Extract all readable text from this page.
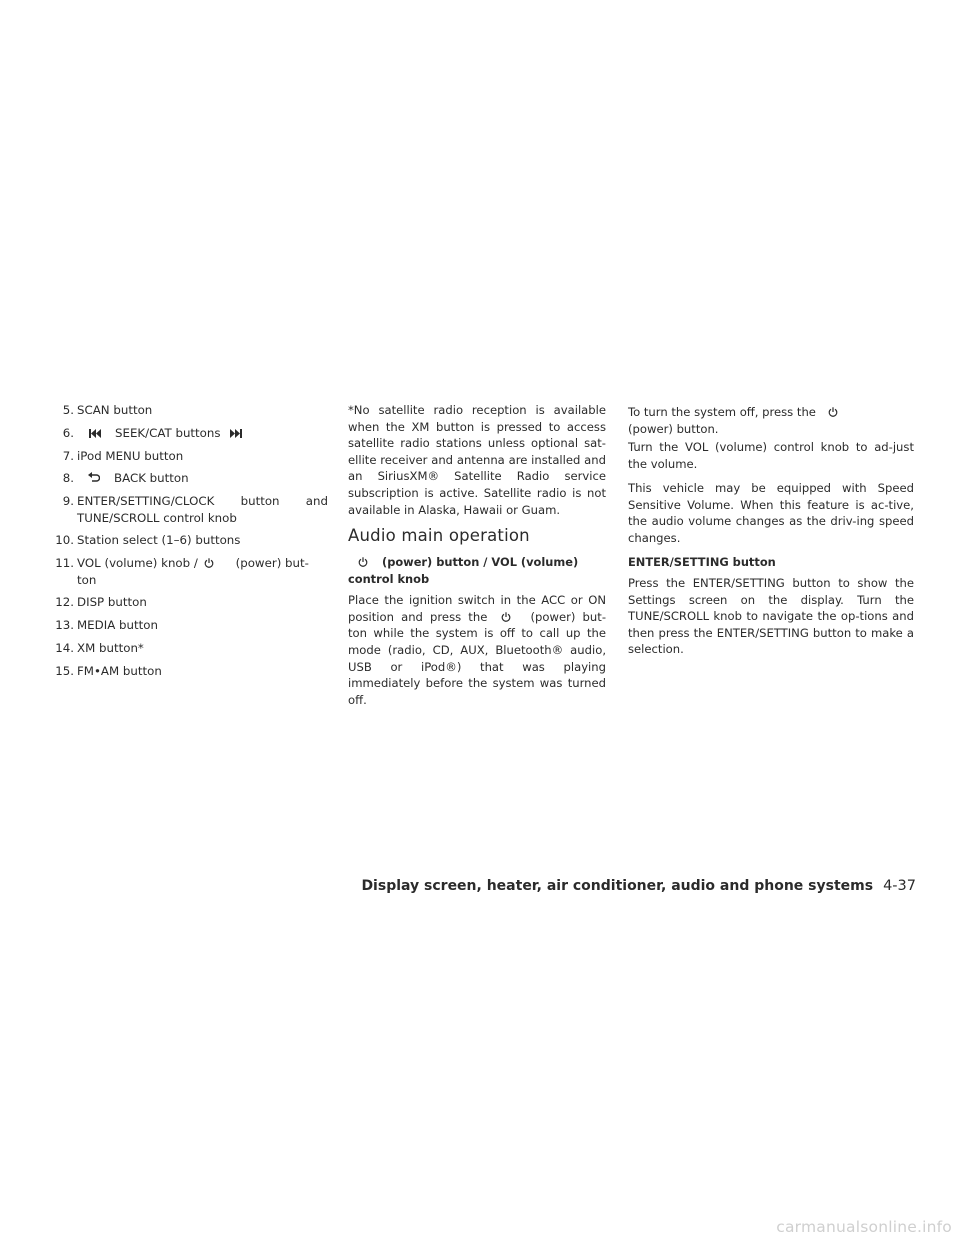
5. SCAN button
6.	SEEK/CAT buttons
7. iPod MENU button
8.	BACK button
9. ENTER/SETTING/CLOCK button and
TUNE/SCROLL control knob
10. Station select (1–6) buttons
11. VOL (volume) knob /	(power) but-
ton
12. DISP button
13. MEDIA button
14. XM button*
15. FM•AM button

*No satellite radio reception is available when the XM button is pressed to access satellite radio stations unless optional sat-ellite receiver and antenna are installed and an SiriusXM® Satellite Radio service subscription is active. Satellite radio is not available in Alaska, Hawaii or Guam.

Audio main operation
(power) button / VOL (volume)
control knob

Place the ignition switch in the ACC or ON position and press the	(power) but-ton while the system is off to call up the mode (radio, CD, AUX, Bluetooth® audio, USB or iPod®) that was playing immediately before the system was turned off.

To turn the system off, press the

(power) button.

Turn the VOL (volume) control knob to ad-just the volume.

This vehicle may be equipped with Speed Sensitive Volume. When this feature is ac-tive, the audio volume changes as the driv-ing speed changes.

ENTER/SETTING button

Press the ENTER/SETTING button to show the Settings screen on the display. Turn the TUNE/SCROLL knob to navigate the op-tions and then press the ENTER/SETTING button to make a selection.

Display screen, heater, air conditioner, audio and phone systems 4-37
carmanualsonline.info
